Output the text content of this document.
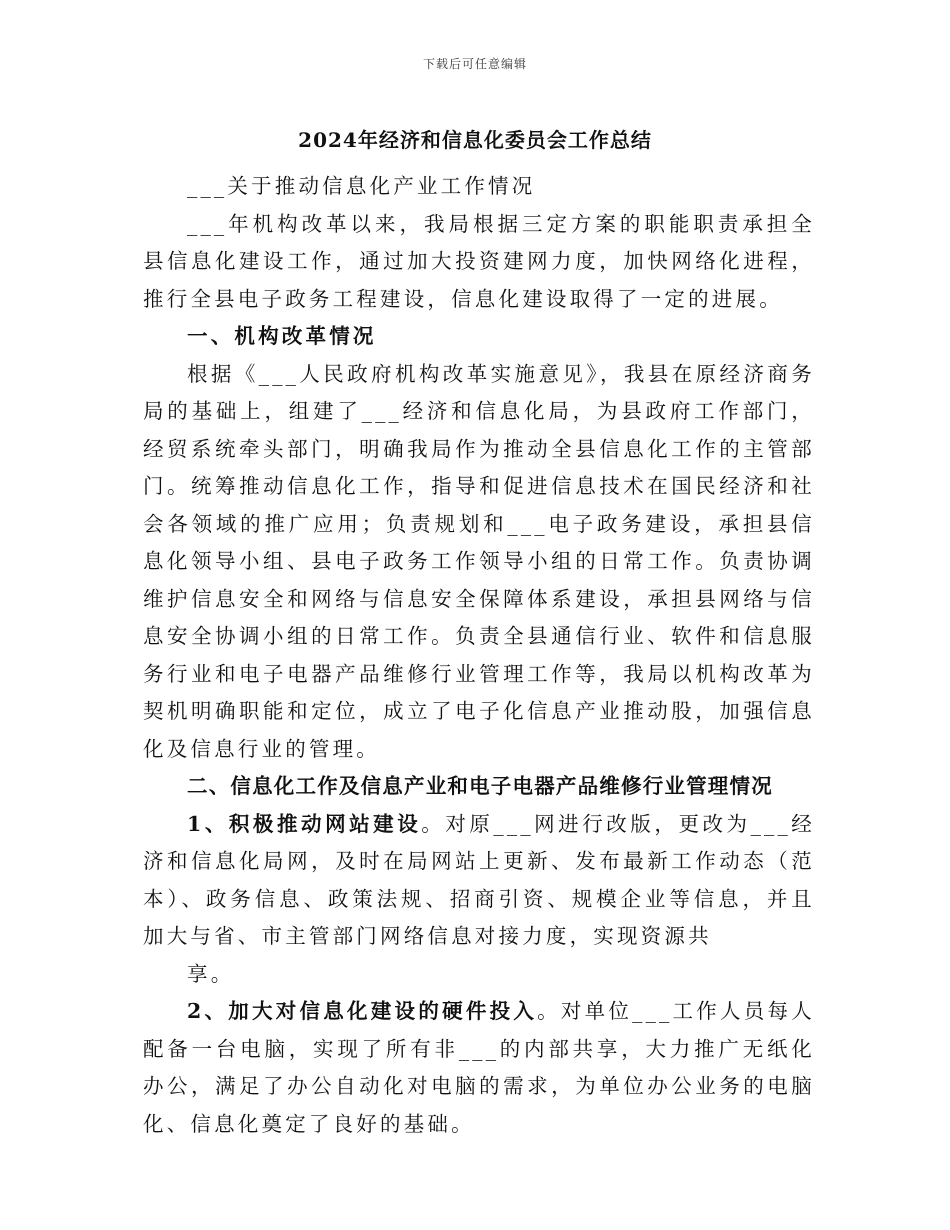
下载后可任意编辑
2024年经济和信息化委员会工作总结

___关于推动信息化产业工作情况

___年机构改革以来，我局根据三定方案的职能职责承担全县信息化建设工作，通过加大投资建网力度，加快网络化进程，推行全县电子政务工程建设，信息化建设取得了一定的进展。

一、机构改革情况

根据《___人民政府机构改革实施意见》，我县在原经济商务局的基础上，组建了___经济和信息化局，为县政府工作部门，经贸系统牵头部门，明确我局作为推动全县信息化工作的主管部门。统筹推动信息化工作，指导和促进信息技术在国民经济和社会各领域的推广应用；负责规划和___电子政务建设，承担县信息化领导小组、县电子政务工作领导小组的日常工作。负责协调维护信息安全和网络与信息安全保障体系建设，承担县网络与信息安全协调小组的日常工作。负责全县通信行业、软件和信息服务行业和电子电器产品维修行业管理工作等，我局以机构改革为契机明确职能和定位，成立了电子化信息产业推动股，加强信息化及信息行业的管理。

二、信息化工作及信息产业和电子电器产品维修行业管理情况

1、积极推动网站建设。对原___网进行改版，更改为___经济和信息化局网，及时在局网站上更新、发布最新工作动态（范本）、政务信息、政策法规、招商引资、规模企业等信息，并且加大与省、市主管部门网络信息对接力度，实现资源共

享。

2、加大对信息化建设的硬件投入。对单位___工作人员每人配备一台电脑，实现了所有非___的内部共享，大力推广无纸化办公，满足了办公自动化对电脑的需求，为单位办公业务的电脑化、信息化奠定了良好的基础。
